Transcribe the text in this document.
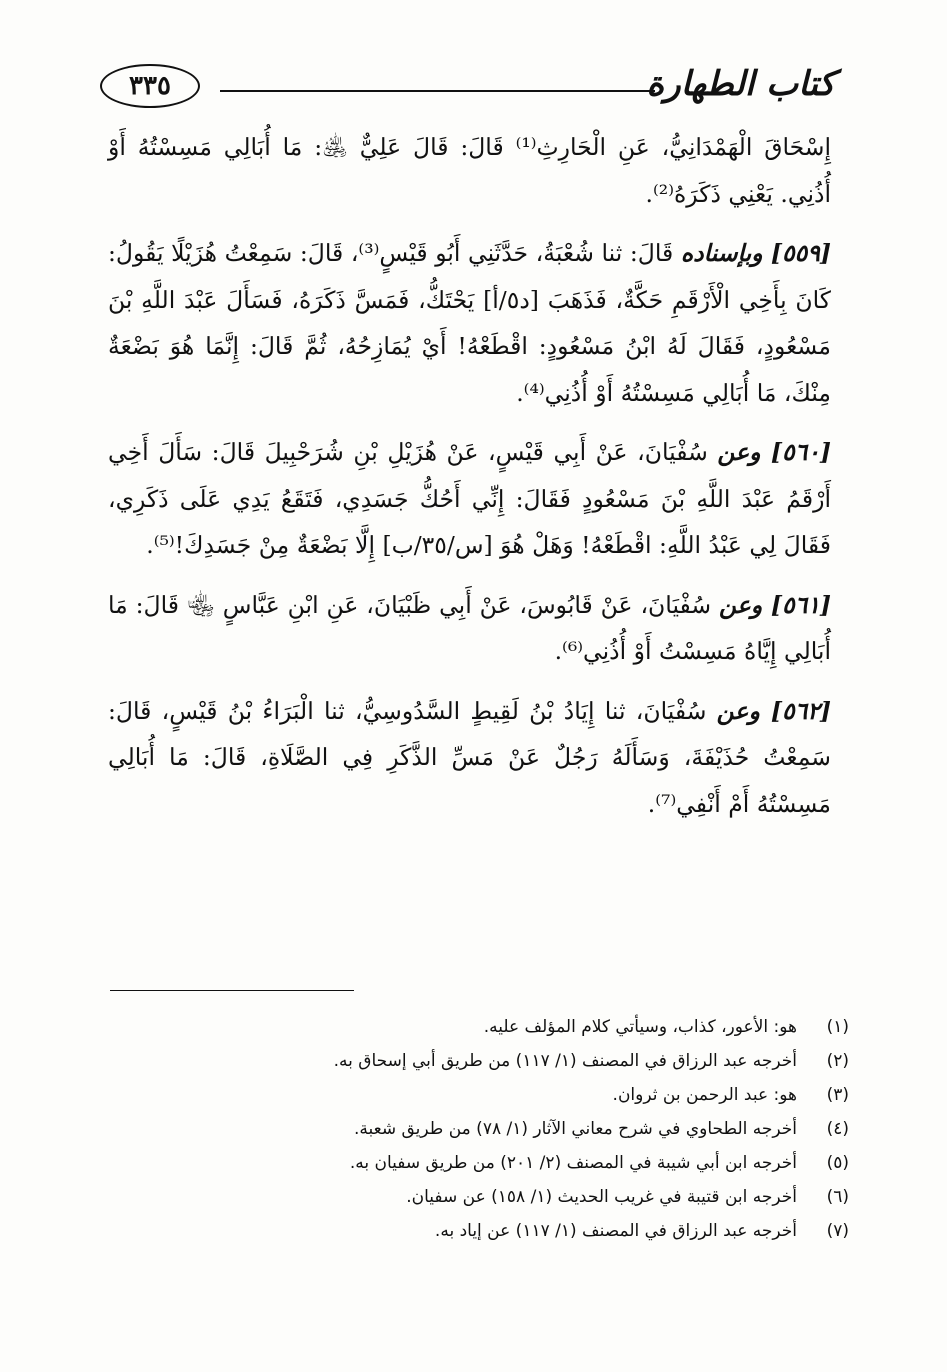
كتاب الطهارة
٣٣٥

إِسْحَاقَ الْهَمْدَانِيُّ، عَنِ الْحَارِثِ⁽¹⁾ قَالَ: قَالَ عَلِيٌّ ﵁: مَا أُبَالِي مَسِسْتُهُ أَوْ أُذُنِي. يَعْنِي ذَكَرَهُ⁽²⁾.

[٥٥٩] وبإسناده قَالَ: ثنا شُعْبَةُ، حَدَّثَنِي أَبُو قَيْسٍ⁽³⁾، قَالَ: سَمِعْتُ هُزَيْلًا يَقُولُ: كَانَ بِأَخِي الْأَرْقَمِ حَكَّةٌ، فَذَهَبَ [د٥/أ] يَحْتَكُّ، فَمَسَّ ذَكَرَهُ، فَسَأَلَ عَبْدَ اللَّهِ بْنَ مَسْعُودٍ، فَقَالَ لَهُ ابْنُ مَسْعُودٍ: اقْطَعْهُ! أَيْ يُمَازِحُهُ، ثُمَّ قَالَ: إِنَّمَا هُوَ بَضْعَةٌ مِنْكَ، مَا أُبَالِي مَسِسْتُهُ أَوْ أُذُنِي⁽⁴⁾.

[٥٦٠] وعن سُفْيَانَ، عَنْ أَبِي قَيْسٍ، عَنْ هُزَيْلِ بْنِ شُرَحْبِيلَ قَالَ: سَأَلَ أَخِي أَرْقَمُ عَبْدَ اللَّهِ بْنَ مَسْعُودٍ فَقَالَ: إِنِّي أَحُكُّ جَسَدِي، فَتَقَعُ يَدِي عَلَى ذَكَرِي، فَقَالَ لِي عَبْدُ اللَّهِ: اقْطَعْهُ! وَهَلْ هُوَ [س/٣٥/ب] إِلَّا بَضْعَةٌ مِنْ جَسَدِكَ!⁽⁵⁾.

[٥٦١] وعن سُفْيَانَ، عَنْ قَابُوسَ، عَنْ أَبِي ظَبْيَانَ، عَنِ ابْنِ عَبَّاسٍ ﵄ قَالَ: مَا أُبَالِي إِيَّاهُ مَسِسْتُ أَوْ أُذُنِي⁽⁶⁾.

[٥٦٢] وعن سُفْيَانَ، ثنا إِيَادُ بْنُ لَقِيطٍ السَّدُوسِيُّ، ثنا الْبَرَاءُ بْنُ قَيْسٍ، قَالَ: سَمِعْتُ حُذَيْفَةَ، وَسَأَلَهُ رَجُلٌ عَنْ مَسِّ الذَّكَرِ فِي الصَّلَاةِ، قَالَ: مَا أُبَالِي مَسِسْتُهُ أَمْ أَنْفِي⁽⁷⁾.

(١)
هو: الأعور، كذاب، وسيأتي كلام المؤلف عليه.
(٢)
أخرجه عبد الرزاق في المصنف (١/ ١١٧) من طريق أبي إسحاق به.
(٣)
هو: عبد الرحمن بن ثروان.
(٤)
أخرجه الطحاوي في شرح معاني الآثار (١/ ٧٨) من طريق شعبة.
(٥)
أخرجه ابن أبي شيبة في المصنف (٢/ ٢٠١) من طريق سفيان به.
(٦)
أخرجه ابن قتيبة في غريب الحديث (١/ ١٥٨) عن سفيان.
(٧)
أخرجه عبد الرزاق في المصنف (١/ ١١٧) عن إياد به.
